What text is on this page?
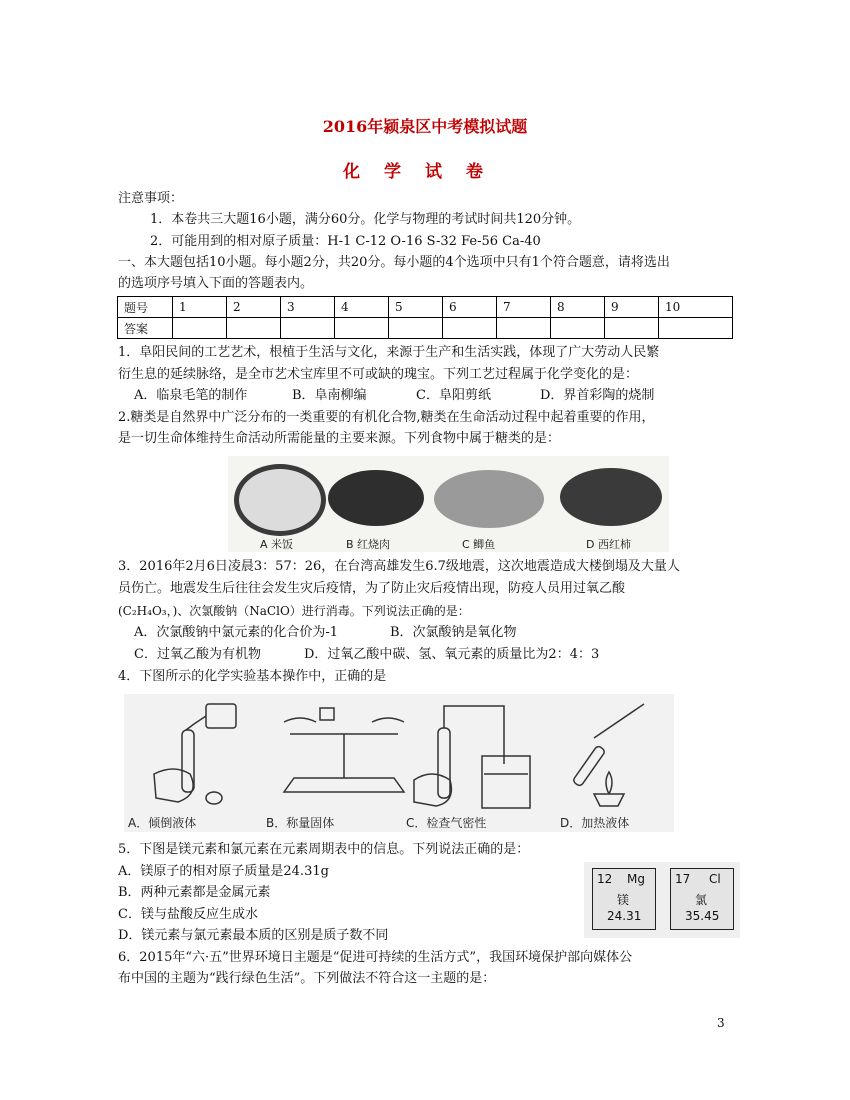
2016年颍泉区中考模拟试题
化学试卷
注意事项：
1．本卷共三大题16小题，满分60分。化学与物理的考试时间共120分钟。
2．可能用到的相对原子质量：H-1 C-12 O-16 S-32 Fe-56 Ca-40
一、本大题包括10小题。每小题2分，共20分。每小题的4个选项中只有1个符合题意，请将选出
的选项序号填入下面的答题表内。
题号	1	2	3	4	5	6	7	8	9	10
答案										
1．阜阳民间的工艺艺术，根植于生活与文化，来源于生产和生活实践，体现了广大劳动人民繁
衍生息的延续脉络，是全市艺术宝库里不可或缺的瑰宝。下列工艺过程属于化学变化的是：
A．临泉毛笔的制作	B．阜南柳编	C．阜阳剪纸	D．界首彩陶的烧制
2.糖类是自然界中广泛分布的一类重要的有机化合物,糖类在生命活动过程中起着重要的作用，
是一切生命体维持生命活动所需能量的主要来源。下列食物中属于糖类的是：
A 米饭	B 红烧肉	C 鲫鱼	D 西红柿
3．2016年2月6日凌晨3：57：26，在台湾高雄发生6.7级地震，这次地震造成大楼倒塌及大量人
员伤亡。地震发生后往往会发生灾后疫情，为了防止灾后疫情出现，防疫人员用过氧乙酸
(C₂H₄O₃，)、次氯酸钠（NaClO）进行消毒。下列说法正确的是：
A．次氯酸钠中氯元素的化合价为-1	B．次氯酸钠是氧化物
C．过氧乙酸为有机物	D．过氧乙酸中碳、氢、氧元素的质量比为2：4：3
4．下图所示的化学实验基本操作中，正确的是
A．倾倒液体	B．称量固体	C．检查气密性	D．加热液体
5．下图是镁元素和氯元素在元素周期表中的信息。下列说法正确的是：
A．镁原子的相对原子质量是24.31g
B．两种元素都是金属元素
C．镁与盐酸反应生成水
D．镁元素与氯元素最本质的区别是质子数不同
12 Mg
镁
24.31
17 Cl
氯
35.45
6．2015年“六·五”世界环境日主题是“促进可持续的生活方式”，我国环境保护部向媒体公
布中国的主题为“践行绿色生活”。下列做法不符合这一主题的是：
3
